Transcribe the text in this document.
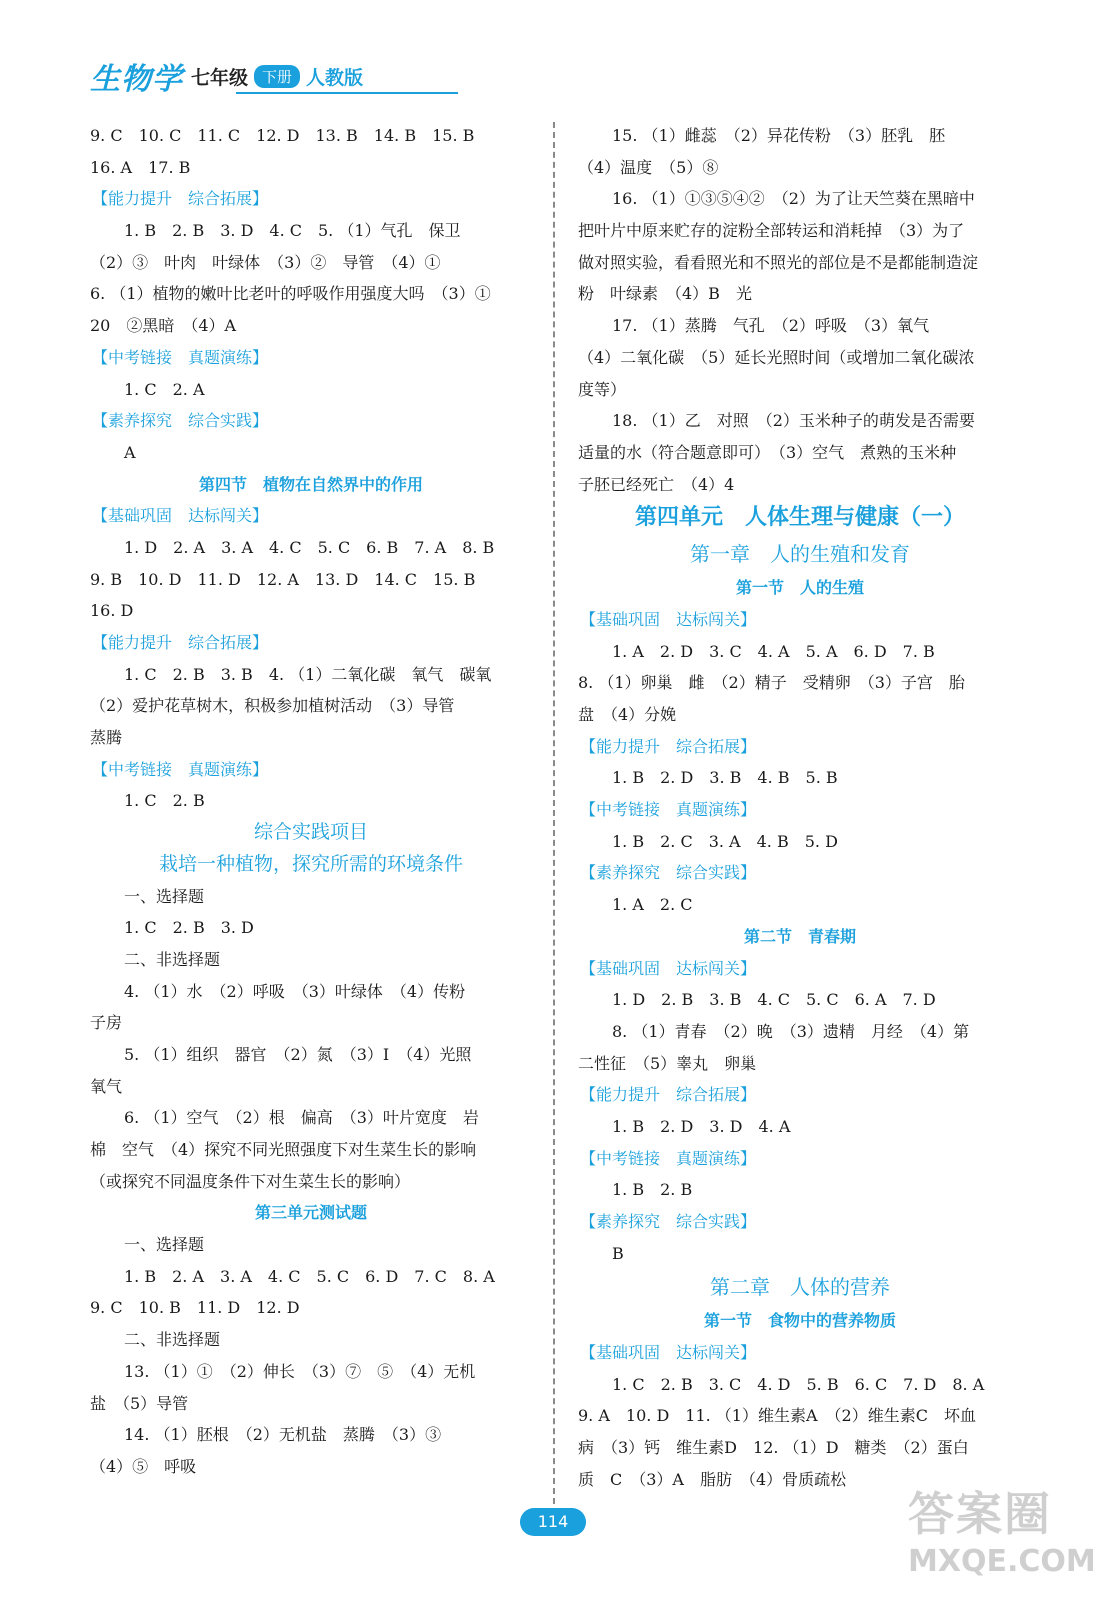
生物学 七年级 下册 人教版
9. C　10. C　11. C　12. D　13. B　14. B　15. B
16. A　17. B
【能力提升　综合拓展】
1. B　2. B　3. D　4. C　5. （1）气孔　保卫
（2）③　叶肉　叶绿体　（3）②　导管　（4）①
6. （1）植物的嫩叶比老叶的呼吸作用强度大吗　（3）①
20　②黑暗　（4）A
【中考链接　真题演练】
1. C　2. A
【素养探究　综合实践】
A
第四节　植物在自然界中的作用
【基础巩固　达标闯关】
1. D　2. A　3. A　4. C　5. C　6. B　7. A　8. B
9. B　10. D　11. D　12. A　13. D　14. C　15. B
16. D
【能力提升　综合拓展】
1. C　2. B　3. B　4. （1）二氧化碳　氧气　碳氧
（2）爱护花草树木，积极参加植树活动　（3）导管
蒸腾
【中考链接　真题演练】
1. C　2. B
综合实践项目
栽培一种植物，探究所需的环境条件
一、选择题
1. C　2. B　3. D
二、非选择题
4. （1）水　（2）呼吸　（3）叶绿体　（4）传粉
子房
5. （1）组织　器官　（2）氮　（3）Ⅰ　（4）光照
氧气
6. （1）空气　（2）根　偏高　（3）叶片宽度　岩
棉　空气　（4）探究不同光照强度下对生菜生长的影响
（或探究不同温度条件下对生菜生长的影响）
第三单元测试题
一、选择题
1. B　2. A　3. A　4. C　5. C　6. D　7. C　8. A
9. C　10. B　11. D　12. D
二、非选择题
13. （1）①　（2）伸长　（3）⑦　⑤　（4）无机
盐　（5）导管
14. （1）胚根　（2）无机盐　蒸腾　（3）③
（4）⑤　呼吸
15. （1）雌蕊　（2）异花传粉　（3）胚乳　胚
（4）温度　（5）⑧
16. （1）①③⑤④②　（2）为了让天竺葵在黑暗中
把叶片中原来贮存的淀粉全部转运和消耗掉　（3）为了
做对照实验，看看照光和不照光的部位是不是都能制造淀
粉　叶绿素　（4）B　光
17. （1）蒸腾　气孔　（2）呼吸　（3）氧气
（4）二氧化碳　（5）延长光照时间（或增加二氧化碳浓
度等）
18. （1）乙　对照　（2）玉米种子的萌发是否需要
适量的水（符合题意即可）　（3）空气　煮熟的玉米种
子胚已经死亡　（4）4
第四单元　人体生理与健康（一）
第一章　人的生殖和发育
第一节　人的生殖
【基础巩固　达标闯关】
1. A　2. D　3. C　4. A　5. A　6. D　7. B
8. （1）卵巢　雌　（2）精子　受精卵　（3）子宫　胎
盘　（4）分娩
【能力提升　综合拓展】
1. B　2. D　3. B　4. B　5. B
【中考链接　真题演练】
1. B　2. C　3. A　4. B　5. D
【素养探究　综合实践】
1. A　2. C
第二节　青春期
【基础巩固　达标闯关】
1. D　2. B　3. B　4. C　5. C　6. A　7. D
8. （1）青春　（2）晚　（3）遗精　月经　（4）第
二性征　（5）睾丸　卵巢
【能力提升　综合拓展】
1. B　2. D　3. D　4. A
【中考链接　真题演练】
1. B　2. B
【素养探究　综合实践】
B
第二章　人体的营养
第一节　食物中的营养物质
【基础巩固　达标闯关】
1. C　2. B　3. C　4. D　5. B　6. C　7. D　8. A
9. A　10. D　11. （1）维生素A　（2）维生素C　坏血
病　（3）钙　维生素D　12. （1）D　糖类　（2）蛋白
质　C　（3）A　脂肪　（4）骨质疏松
114	答案圈
MXQE.COM
